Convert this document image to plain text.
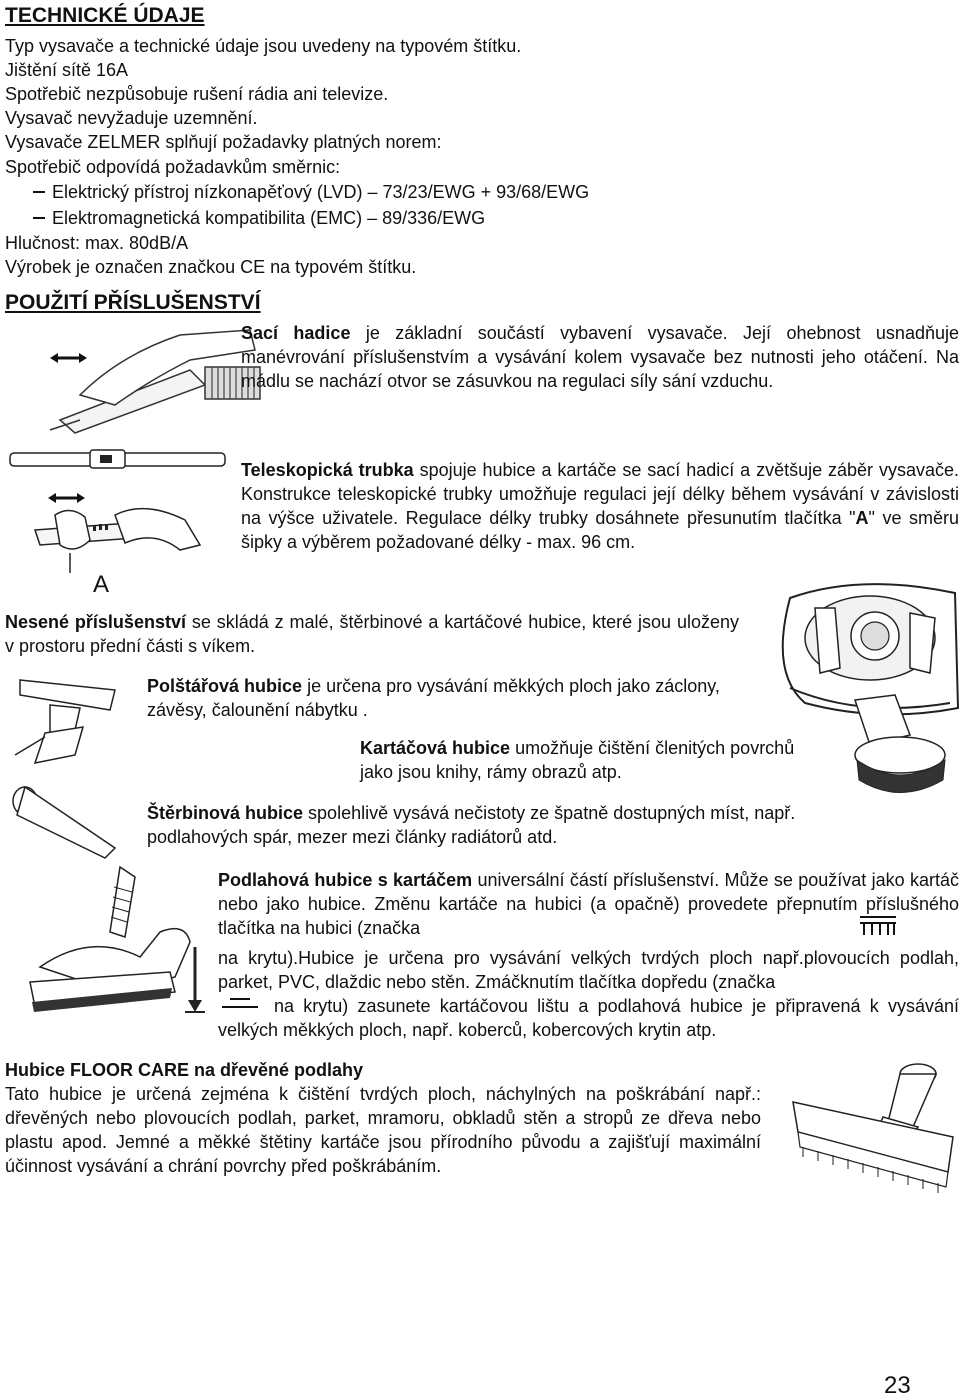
TECHNICKÉ ÚDAJE
Typ vysavače a technické údaje jsou uvedeny na typovém štítku.
Jištění sítě 16A
Spotřebič nezpůsobuje rušení rádia ani televize.
Vysavač nevyžaduje uzemnění.
Vysavače ZELMER splňují požadavky platných norem:
Spotřebič odpovídá požadavkům směrnic:
Elektrický přístroj nízkonapěťový (LVD) – 73/23/EWG + 93/68/EWG
Elektromagnetická kompatibilita (EMC) – 89/336/EWG
Hlučnost: max. 80dB/A
Výrobek je označen značkou CE na typovém štítku.
POUŽITÍ PŘÍSLUŠENSTVÍ
Sací hadice je základní součástí vybavení vysavače. Její ohebnost usnadňuje manévrování příslušenstvím a vysávání kolem vysavače bez nutnosti jeho otáčení. Na mádlu se nachází otvor se zásuvkou na regulaci síly sání vzduchu.
A
Teleskopická trubka spojuje hubice a kartáče se sací hadicí a zvětšuje záběr vysavače. Konstrukce teleskopické trubky umožňuje regulaci její délky během vysávání v závislosti na výšce uživatele. Regulace délky trubky dosáhnete přesunutím tlačítka "A" ve směru šipky a výběrem požadované délky - max. 96 cm.
Nesené příslušenství se skládá z malé, štěrbinové a kartáčové hubice, které jsou uloženy v prostoru přední části s víkem.
Polštářová hubice je určena pro vysávání měkkých ploch jako záclony, závěsy, čalounění nábytku .
Kartáčová hubice umožňuje čištění členitých povrchů jako jsou knihy, rámy obrazů atp.
Štěrbinová hubice spolehlivě vysává nečistoty ze špatně dostupných míst, např. podlahových spár, mezer mezi články radiátorů atd.
Podlahová hubice s kartáčem universální částí příslušenství. Může se používat jako kartáč nebo jako hubice. Změnu kartáče na hubici (a opačně) provedete přepnutím příslušného tlačítka na hubici (značka
na krytu).Hubice je určena pro vysávání velkých tvrdých ploch např.plovoucích podlah, parket, PVC, dlaždic nebo stěn. Zmáčknutím tlačítka dopředu (značka
na krytu) zasunete kartáčovou lištu a podlahová hubice je připravená k vysávání velkých měkkých ploch, např. koberců, kobercových krytin atp.
Hubice FLOOR CARE na dřevěné podlahy
Tato hubice je určená zejména k čištění tvrdých ploch, náchylných na poškrábání např.: dřevěných nebo plovoucích podlah, parket, mramoru, obkladů stěn a stropů ze dřeva nebo plastu apod. Jemné a měkké štětiny kartáče jsou přírodního původu a zajišťují maximální účinnost vysávání a chrání povrchy před poškrábáním.
23
